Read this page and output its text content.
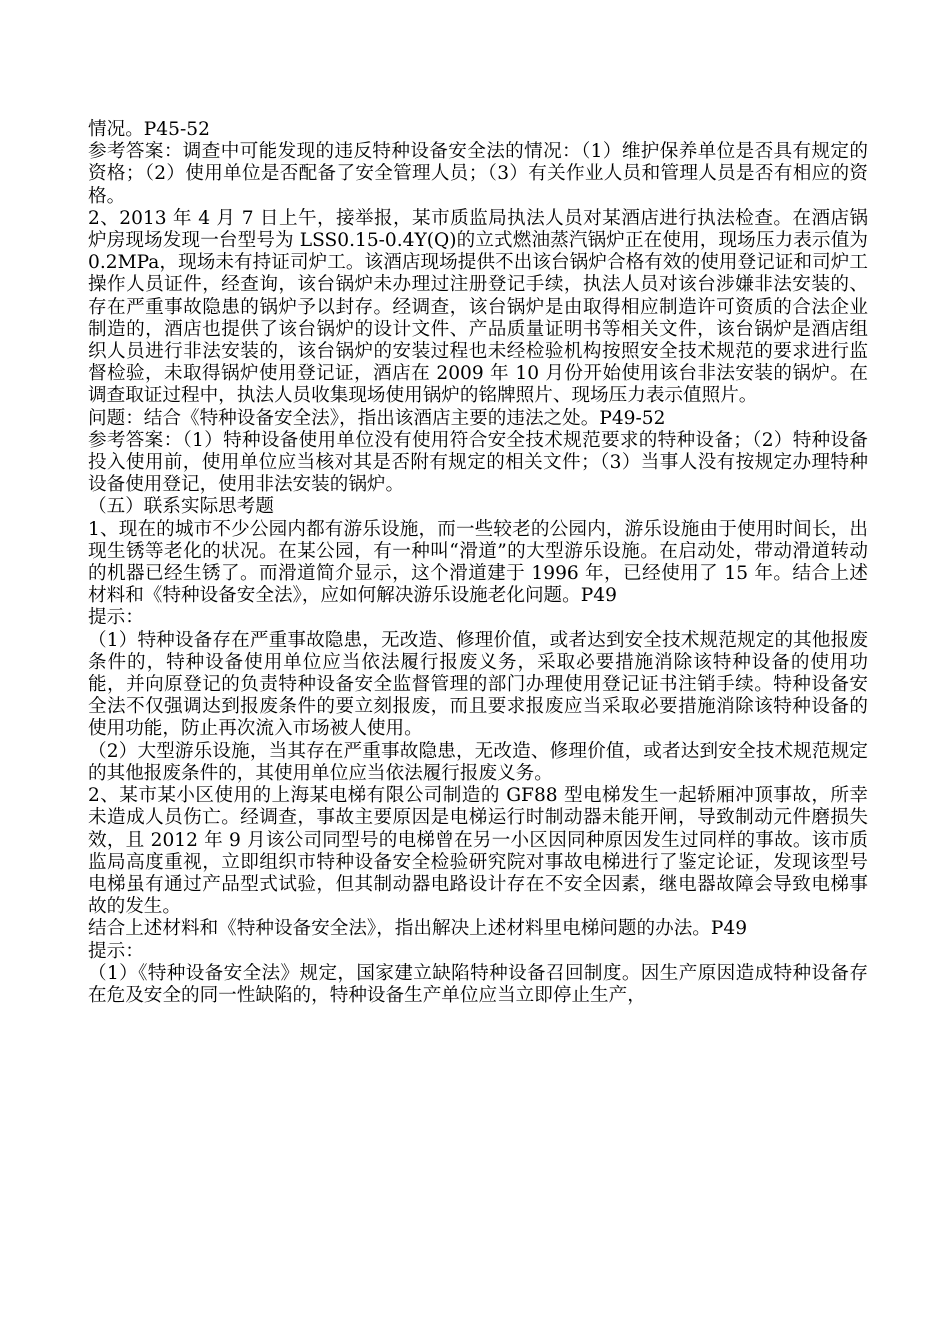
情况。P45-52

参考答案：调查中可能发现的违反特种设备安全法的情况：（1）维护保养单位是否具有规定的资格；（2）使用单位是否配备了安全管理人员；（3）有关作业人员和管理人员是否有相应的资格。

2、2013 年 4 月 7 日上午，接举报，某市质监局执法人员对某酒店进行执法检查。在酒店锅炉房现场发现一台型号为 LSS0.15-0.4Y(Q)的立式燃油蒸汽锅炉正在使用，现场压力表示值为 0.2MPa，现场未有持证司炉工。该酒店现场提供不出该台锅炉合格有效的使用登记证和司炉工操作人员证件，经查询，该台锅炉未办理过注册登记手续，执法人员对该台涉嫌非法安装的、存在严重事故隐患的锅炉予以封存。经调查，该台锅炉是由取得相应制造许可资质的合法企业制造的，酒店也提供了该台锅炉的设计文件、产品质量证明书等相关文件，该台锅炉是酒店组织人员进行非法安装的，该台锅炉的安装过程也未经检验机构按照安全技术规范的要求进行监督检验，未取得锅炉使用登记证，酒店在 2009 年 10 月份开始使用该台非法安装的锅炉。在调查取证过程中，执法人员收集现场使用锅炉的铭牌照片、现场压力表示值照片。

问题：结合《特种设备安全法》，指出该酒店主要的违法之处。P49-52

参考答案：（1）特种设备使用单位没有使用符合安全技术规范要求的特种设备；（2）特种设备投入使用前，使用单位应当核对其是否附有规定的相关文件；（3）当事人没有按规定办理特种设备使用登记，使用非法安装的锅炉。

（五）联系实际思考题

1、现在的城市不少公园内都有游乐设施，而一些较老的公园内，游乐设施由于使用时间长，出现生锈等老化的状况。在某公园，有一种叫“滑道”的大型游乐设施。在启动处，带动滑道转动的机器已经生锈了。而滑道简介显示，这个滑道建于 1996 年，已经使用了 15 年。结合上述材料和《特种设备安全法》，应如何解决游乐设施老化问题。P49

提示：

（1）特种设备存在严重事故隐患，无改造、修理价值，或者达到安全技术规范规定的其他报废条件的，特种设备使用单位应当依法履行报废义务，采取必要措施消除该特种设备的使用功能，并向原登记的负责特种设备安全监督管理的部门办理使用登记证书注销手续。特种设备安全法不仅强调达到报废条件的要立刻报废，而且要求报废应当采取必要措施消除该特种设备的使用功能，防止再次流入市场被人使用。

（2）大型游乐设施，当其存在严重事故隐患，无改造、修理价值，或者达到安全技术规范规定的其他报废条件的，其使用单位应当依法履行报废义务。

2、某市某小区使用的上海某电梯有限公司制造的 GF88 型电梯发生一起轿厢冲顶事故，所幸未造成人员伤亡。经调查，事故主要原因是电梯运行时制动器未能开闸，导致制动元件磨损失效，且 2012 年 9 月该公司同型号的电梯曾在另一小区因同种原因发生过同样的事故。该市质监局高度重视，立即组织市特种设备安全检验研究院对事故电梯进行了鉴定论证，发现该型号电梯虽有通过产品型式试验，但其制动器电路设计存在不安全因素，继电器故障会导致电梯事故的发生。

结合上述材料和《特种设备安全法》，指出解决上述材料里电梯问题的办法。P49

提示：

（1）《特种设备安全法》规定，国家建立缺陷特种设备召回制度。因生产原因造成特种设备存在危及安全的同一性缺陷的，特种设备生产单位应当立即停止生产，
